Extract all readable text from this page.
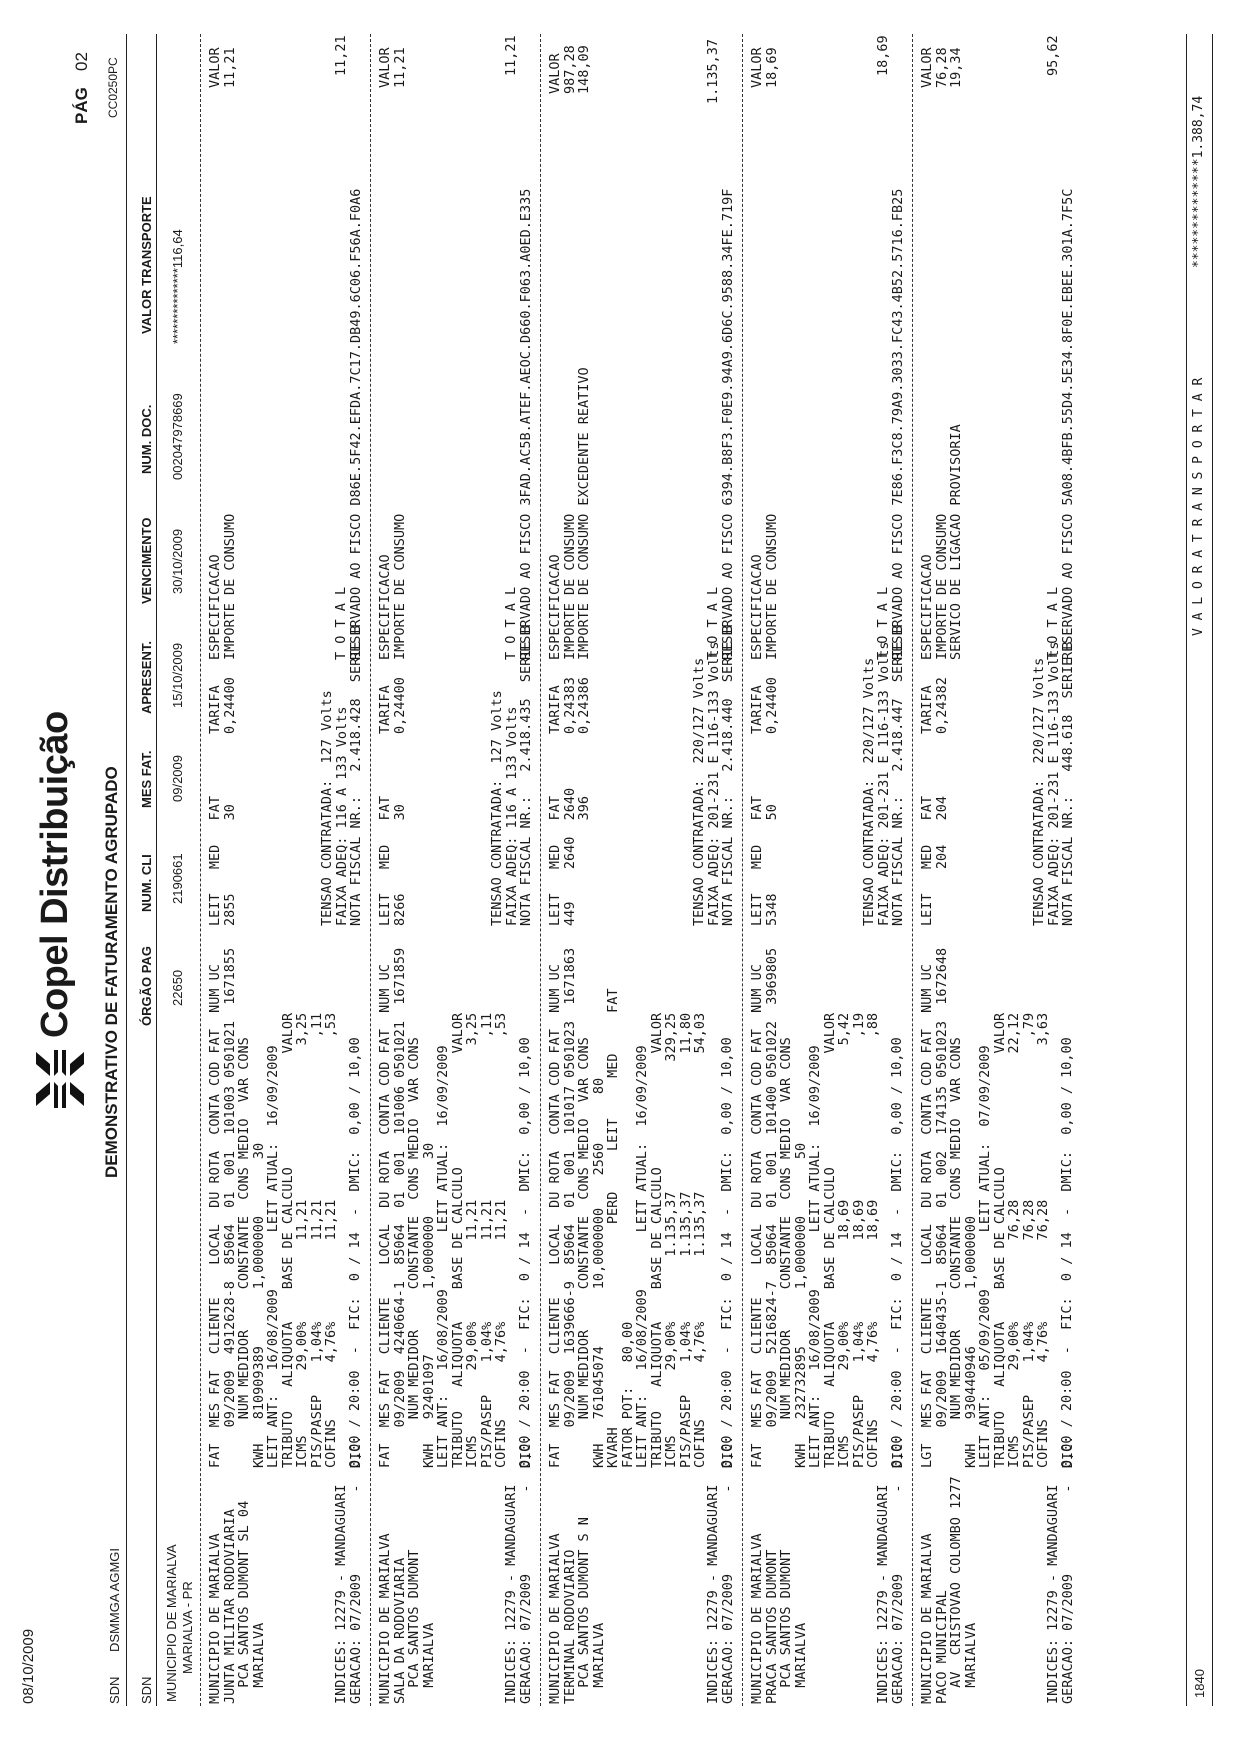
08/10/2009
Copel Distribuição DEMONSTRATIVO DE FATURAMENTO AGRUPADO
PÁG
02 CC0250PC
SDN
DSMMGA AGMGI
SDN
ÓRGÃO PAG
NUM. CLI
MES FAT.
APRESENT.
VENCIMENTO
NUM. DOC.
VALOR TRANSPORTE
MUNICIPIO DE MARIALVA MARIALVA - PR
22650
2190661
09/2009
15/10/2009
30/10/2009
002047978669
***************116,64
MUNICIPIO DE MARIALVA
JUNTA MILITAR RODOVIARIA
PCA SANTOS DUMONT SL 04
MARIALVA
FAT  MES FAT  CLIENTE    LOCAL  DU ROTA  CONTA COD FAT  NUM UC
09/2009  4912628-8  85064  01  001  101003 0501021  1671855
NUM MEDIDOR     CONSTANTE  CONS MEDIO  VAR CONS
KWH   810909389       1,0000000       30
LEIT ANT:   16/08/2009       LEIT ATUAL:  16/09/2009
TRIBUTO   ALIQUOTA    BASE DE CALCULO              VALOR
ICMS        29,00%          11,21                   3,25
PIS/PASEP    1,04%          11,21                    ,11
COFINS       4,76%          11,21                    ,53
LEIT   MED   FAT
2855         30
TARIFA
0,24400
ESPECIFICACAO
IMPORTE DE CONSUMO
VALOR
11,21
INDICES: 12279 - MANDAGUARI
GERACAO: 07/2009          -  DIC:
0,00 / 20:00  -  FIC:  0 / 14  -  DMIC:  0,00 / 10,00
TENSAO CONTRATADA:  127 Volts
FAIXA ADEQ: 116 A 133 Volts
NOTA FISCAL NR.:   2.418.428  SERIE B
T O T A L
RESERVADO AO FISCO D86E.5F42.EFDA.7C17.DB49.6C06.F56A.F0A6
11,21
MUNICIPIO DE MARIALVA
SALA DA RODOVIARIA
PCA SANTOS DUMONT
MARIALVA
FAT  MES FAT  CLIENTE    LOCAL  DU ROTA  CONTA COD FAT  NUM UC
09/2009  4240664-1  85064  01  001  101006 0501021  1671859
NUM MEDIDOR     CONSTANTE  CONS MEDIO  VAR CONS
KWH   92401097        1,0000000       30
LEIT ANT:   16/08/2009       LEIT ATUAL:  16/09/2009
TRIBUTO   ALIQUOTA    BASE DE CALCULO              VALOR
ICMS        29,00%          11,21                   3,25
PIS/PASEP    1,04%          11,21                    ,11
COFINS       4,76%          11,21                    ,53
LEIT   MED   FAT
8266         30
TARIFA
0,24400
ESPECIFICACAO
IMPORTE DE CONSUMO
VALOR
11,21
INDICES: 12279 - MANDAGUARI
GERACAO: 07/2009          -  DIC:
0,00 / 20:00  -  FIC:  0 / 14  -  DMIC:  0,00 / 10,00
TENSAO CONTRATADA:  127 Volts
FAIXA ADEQ: 116 A 133 Volts
NOTA FISCAL NR.:   2.418.435  SERIE B
T O T A L
RESERVADO AO FISCO 3FAD.AC5B.ATEF.AEOC.D660.F063.A0ED.E335
11,21
MUNICIPIO DE MARIALVA
TERMINAL RODOVIARIO
PCA SANTOS DUMONT S N
MARIALVA
FAT  MES FAT  CLIENTE    LOCAL  DU ROTA  CONTA COD FAT  NUM UC
09/2009  1639666-9  85064  01  001  101017 0501023  1671863
NUM MEDIDOR     CONSTANTE  CONS MEDIO  VAR CONS
KWH   761045074       10,0000000    2560      80
KVARH                         PERD     LEIT     MED     FAT
FATOR POT:   80,00
LEIT ANT:   16/08/2009       LEIT ATUAL:  16/09/2009
TRIBUTO   ALIQUOTA    BASE DE CALCULO              VALOR
ICMS        29,00%        1.135,37                329,25
PIS/PASEP    1,04%        1.135,37                 11,80
COFINS       4,76%        1.135,37                 54,03
LEIT   MED   FAT
449    2640  2640
396
TARIFA
0,24383
0,24386
ESPECIFICACAO
IMPORTE DE CONSUMO
IMPORTE DE CONSUMO EXCEDENTE REATIVO
VALOR
987,28
148,09
INDICES: 12279 - MANDAGUARI
GERACAO: 07/2009          -  DIC:
0,00 / 20:00  -  FIC:  0 / 14  -  DMIC:  0,00 / 10,00
TENSAO CONTRATADA:  220/127 Volts
FAIXA ADEQ: 201-231 E 116-133 Volts
NOTA FISCAL NR.:   2.418.440  SERIE B
T O T A L
RESERVADO AO FISCO 6394.B8F3.F0E9.94A9.6D6C.9588.34FE.719F
1.135,37
MUNICIPIO DE MARIALVA
PRACA SANTOS DUMONT
PCA SANTOS DUMONT
MARIALVA
FAT  MES FAT  CLIENTE    LOCAL  DU ROTA  CONTA COD FAT  NUM UC
09/2009  5216824-7  85064  01  001  101400 0501022  3969805
NUM MEDIDOR     CONSTANTE  CONS MEDIO  VAR CONS
KWH   232732895       1,0000000       50
LEIT ANT:   16/08/2009       LEIT ATUAL:  16/09/2009
TRIBUTO   ALIQUOTA    BASE DE CALCULO              VALOR
ICMS        29,00%          18,69                   5,42
PIS/PASEP    1,04%          18,69                    ,19
COFINS       4,76%          18,69                    ,88
LEIT   MED   FAT
5348         50
TARIFA
0,24400
ESPECIFICACAO
IMPORTE DE CONSUMO
VALOR
18,69
INDICES: 12279 - MANDAGUARI
GERACAO: 07/2009          -  DIC:
0,00 / 20:00  -  FIC:  0 / 14  -  DMIC:  0,00 / 10,00
TENSAO CONTRATADA:  220/127 Volts
FAIXA ADEQ: 201-231 E 116-133 Volts
NOTA FISCAL NR.:   2.418.447  SERIE B
T O T A L
RESERVADO AO FISCO 7E86.F3C8.79A9.3033.FC43.4B52.5716.FB25
18,69
MUNICIPIO DE MARIALVA
PACO MUNICIPAL
AV  CRISTOVAO COLOMBO 1277
MARIALVA
LGT  MES FAT  CLIENTE    LOCAL  DU ROTA  CONTA COD FAT  NUM UC
09/2009  1640435-1  85064  01  002  174135 0501023  1672648
NUM MEDIDOR     CONSTANTE  CONS MEDIO  VAR CONS
KWH   930440946       1,0000000
LEIT ANT:   05/09/2009       LEIT ATUAL:  07/09/2009
TRIBUTO   ALIQUOTA    BASE DE CALCULO              VALOR
ICMS        29,00%          76,28                  22,12
PIS/PASEP    1,04%          76,28                    ,79
COFINS       4,76%          76,28                   3,63
LEIT   MED   FAT
204   204
TARIFA
0,24382
ESPECIFICACAO
IMPORTE DE CONSUMO
SERVICO DE LIGACAO PROVISORIA
VALOR
76,28
19,34
INDICES: 12279 - MANDAGUARI
GERACAO: 07/2009          -  DIC:
0,00 / 20:00  -  FIC:  0 / 14  -  DMIC:  0,00 / 10,00
TENSAO CONTRATADA:  220/127 Volts
FAIXA ADEQ: 201-231 E 116-133 Volts
NOTA FISCAL NR.:   448.618  SERIE B
T O T A L
RESERVADO AO FISCO 5A08.4BFB.55D4.5E34.8F0E.EBEE.301A.7F5C
95,62
1840
V A L O R A T R A N S P O R T A R
**************1.388,74
